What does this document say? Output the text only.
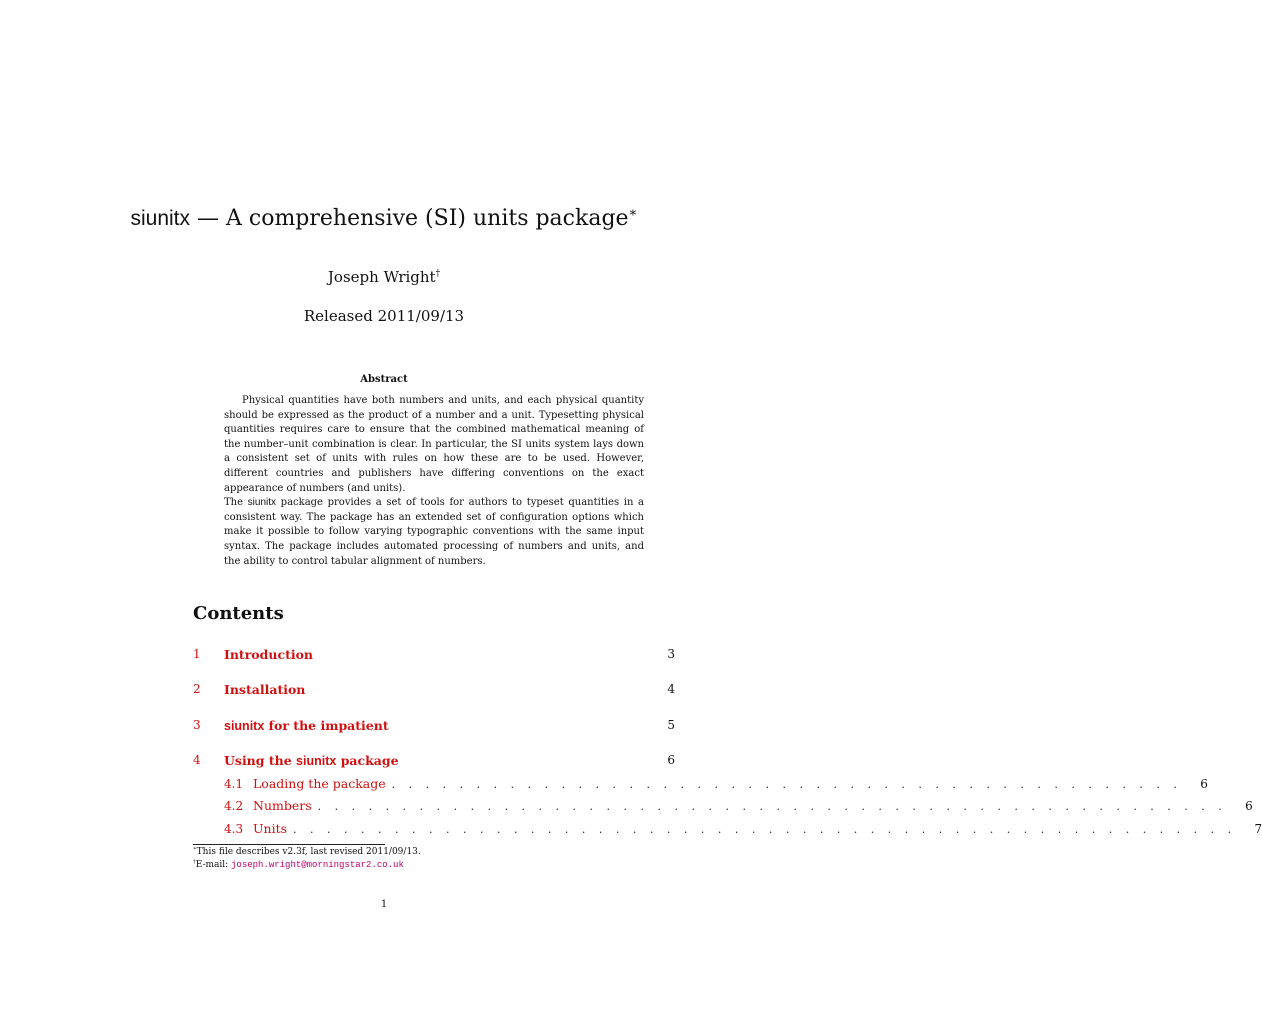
siunitx — A comprehensive (SI) units package∗
Joseph Wright†
Released 2011/09/13
Abstract

Physical quantities have both numbers and units, and each physical quantity should be expressed as the product of a number and a unit. Typesetting physical quantities requires care to ensure that the combined mathematical meaning of the number–unit combination is clear. In particular, the SI units system lays down a consistent set of units with rules on how these are to be used. However, different countries and publishers have differing conventions on the exact appearance of numbers (and units).

The siunitx package provides a set of tools for authors to typeset quantities in a consistent way. The package has an extended set of configuration options which make it possible to follow varying typographic conventions with the same input syntax. The package includes automated processing of numbers and units, and the ability to control tabular alignment of numbers.

Contents
1 Introduction	3
2 Installation	4
3 siunitx for the impatient	5
4 Using the siunitx package	6
4.1 Loading the package . . . . . . . . . . . . . . . . . . . . . . . . . . . . . . . . . . . . . . . . . . . . . . .	6
4.2 Numbers . . . . . . . . . . . . . . . . . . . . . . . . . . . . . . . . . . . . . . . . . . . . . . . . . . . . . .	6
4.3 Units . . . . . . . . . . . . . . . . . . . . . . . . . . . . . . . . . . . . . . . . . . . . . . . . . . . . . . . .	7
∗This file describes v2.3f, last revised 2011/09/13.
†E-mail: joseph.wright@morningstar2.co.uk
1
